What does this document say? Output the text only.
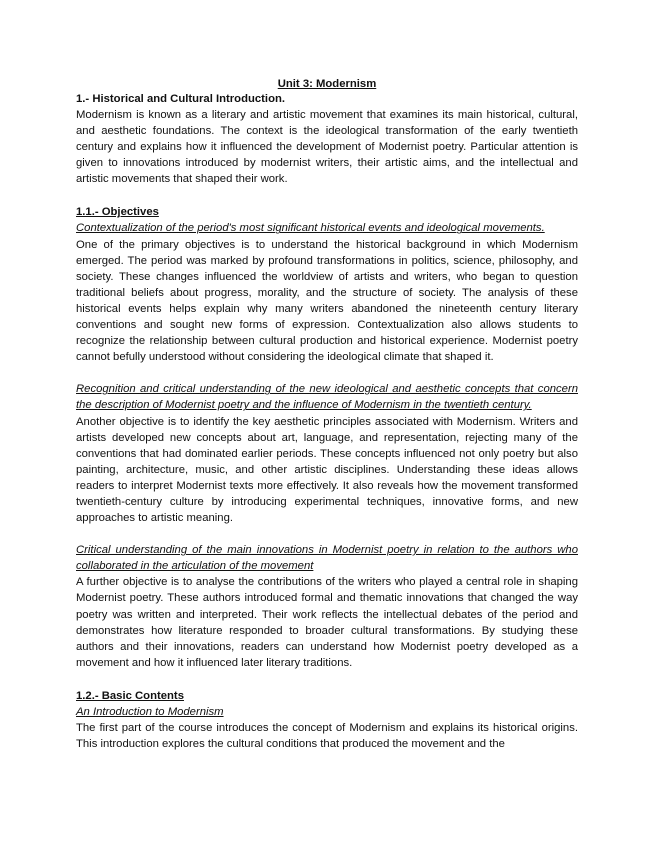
Unit 3: Modernism

1.- Historical and Cultural Introduction.

Modernism is known as a literary and artistic movement that examines its main historical, cultural, and aesthetic foundations. The context is the ideological transformation of the early twentieth century and explains how it influenced the development of Modernist poetry. Particular attention is given to innovations introduced by modernist writers, their artistic aims, and the intellectual and artistic movements that shaped their work.

1.1.- Objectives

Contextualization of the period's most significant historical events and ideological movements.

One of the primary objectives is to understand the historical background in which Modernism emerged. The period was marked by profound transformations in politics, science, philosophy, and society. These changes influenced the worldview of artists and writers, who began to question traditional beliefs about progress, morality, and the structure of society. The analysis of these historical events helps explain why many writers abandoned the nineteenth century literary conventions and sought new forms of expression. Contextualization also allows students to recognize the relationship between cultural production and historical experience. Modernist poetry cannot befully understood without considering the ideological climate that shaped it.

Recognition and critical understanding of the new ideological and aesthetic concepts that concern the description of Modernist poetry and the influence of Modernism in the twentieth century.

Another objective is to identify the key aesthetic principles associated with Modernism. Writers and artists developed new concepts about art, language, and representation, rejecting many of the conventions that had dominated earlier periods. These concepts influenced not only poetry but also painting, architecture, music, and other artistic disciplines. Understanding these ideas allows readers to interpret Modernist texts more effectively. It also reveals how the movement transformed twentieth-century culture by introducing experimental techniques, innovative forms, and new approaches to artistic meaning.

Critical understanding of the main innovations in Modernist poetry in relation to the authors who collaborated in the articulation of the movement

A further objective is to analyse the contributions of the writers who played a central role in shaping Modernist poetry. These authors introduced formal and thematic innovations that changed the way poetry was written and interpreted. Their work reflects the intellectual debates of the period and demonstrates how literature responded to broader cultural transformations. By studying these authors and their innovations, readers can understand how Modernist poetry developed as a movement and how it influenced later literary traditions.

1.2.- Basic Contents

An Introduction to Modernism

The first part of the course introduces the concept of Modernism and explains its historical origins. This introduction explores the cultural conditions that produced the movement and the
